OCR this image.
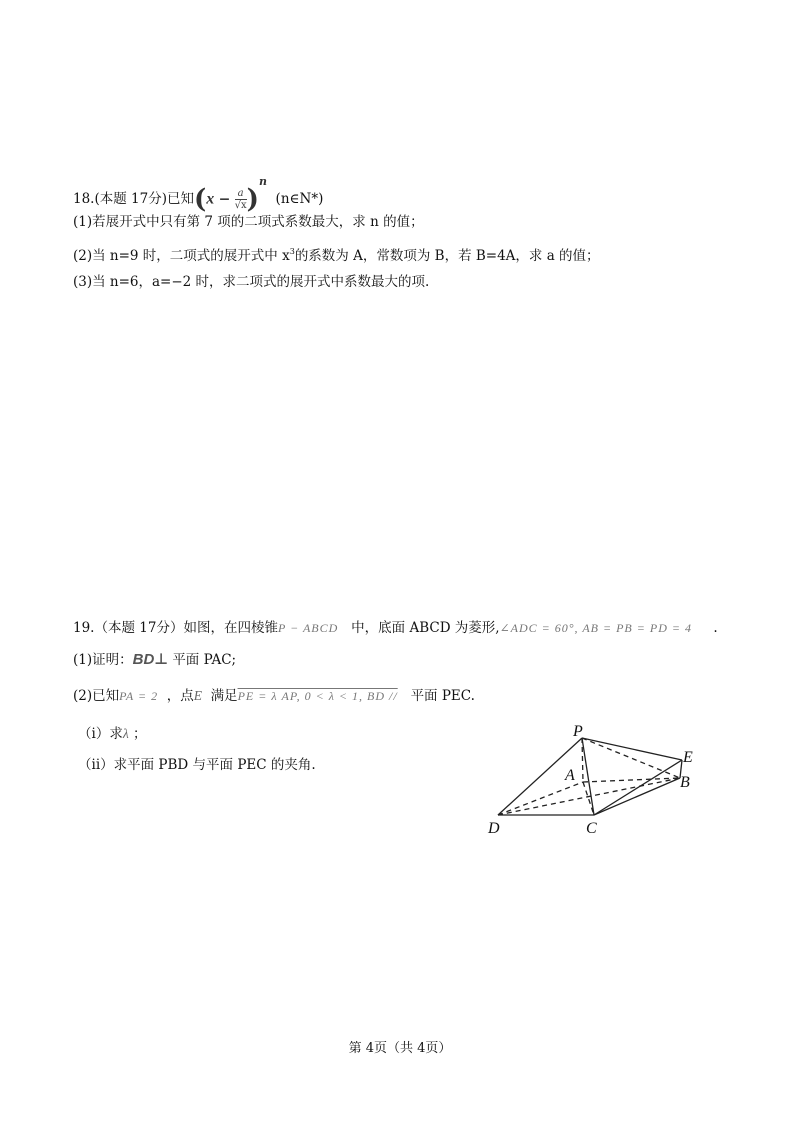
18.(本题 17分)已知$(x - \frac{a}{√x} )^n$  (n∈N*)
(1)若展开式中只有第 7 项的二项式系数最大，求 n 的值；
(2)当 n=9 时，二项式的展开式中 $x^3$的系数为 A，常数项为 B，若 B=4A，求 a 的值；
(3)当 n=6，a=−2 时，求二项式的展开式中系数最大的项.
19.（本题 17分）如图，在四棱锥P − ABCD 中，底面 ABCD 为菱形,∠ADC = 60°, AB = PB = PD = 4 .
(1)证明：BD⊥ 平面 PAC;
(2)已知PA = 2 ，点E 满足PE = λ AP, 0 < λ < 1, BD // 平面 PEC.
（i）求λ ；
（ii）求平面 PBD 与平面 PEC 的夹角.
P
A
E
B
D	C
第 4页（共 4页）
